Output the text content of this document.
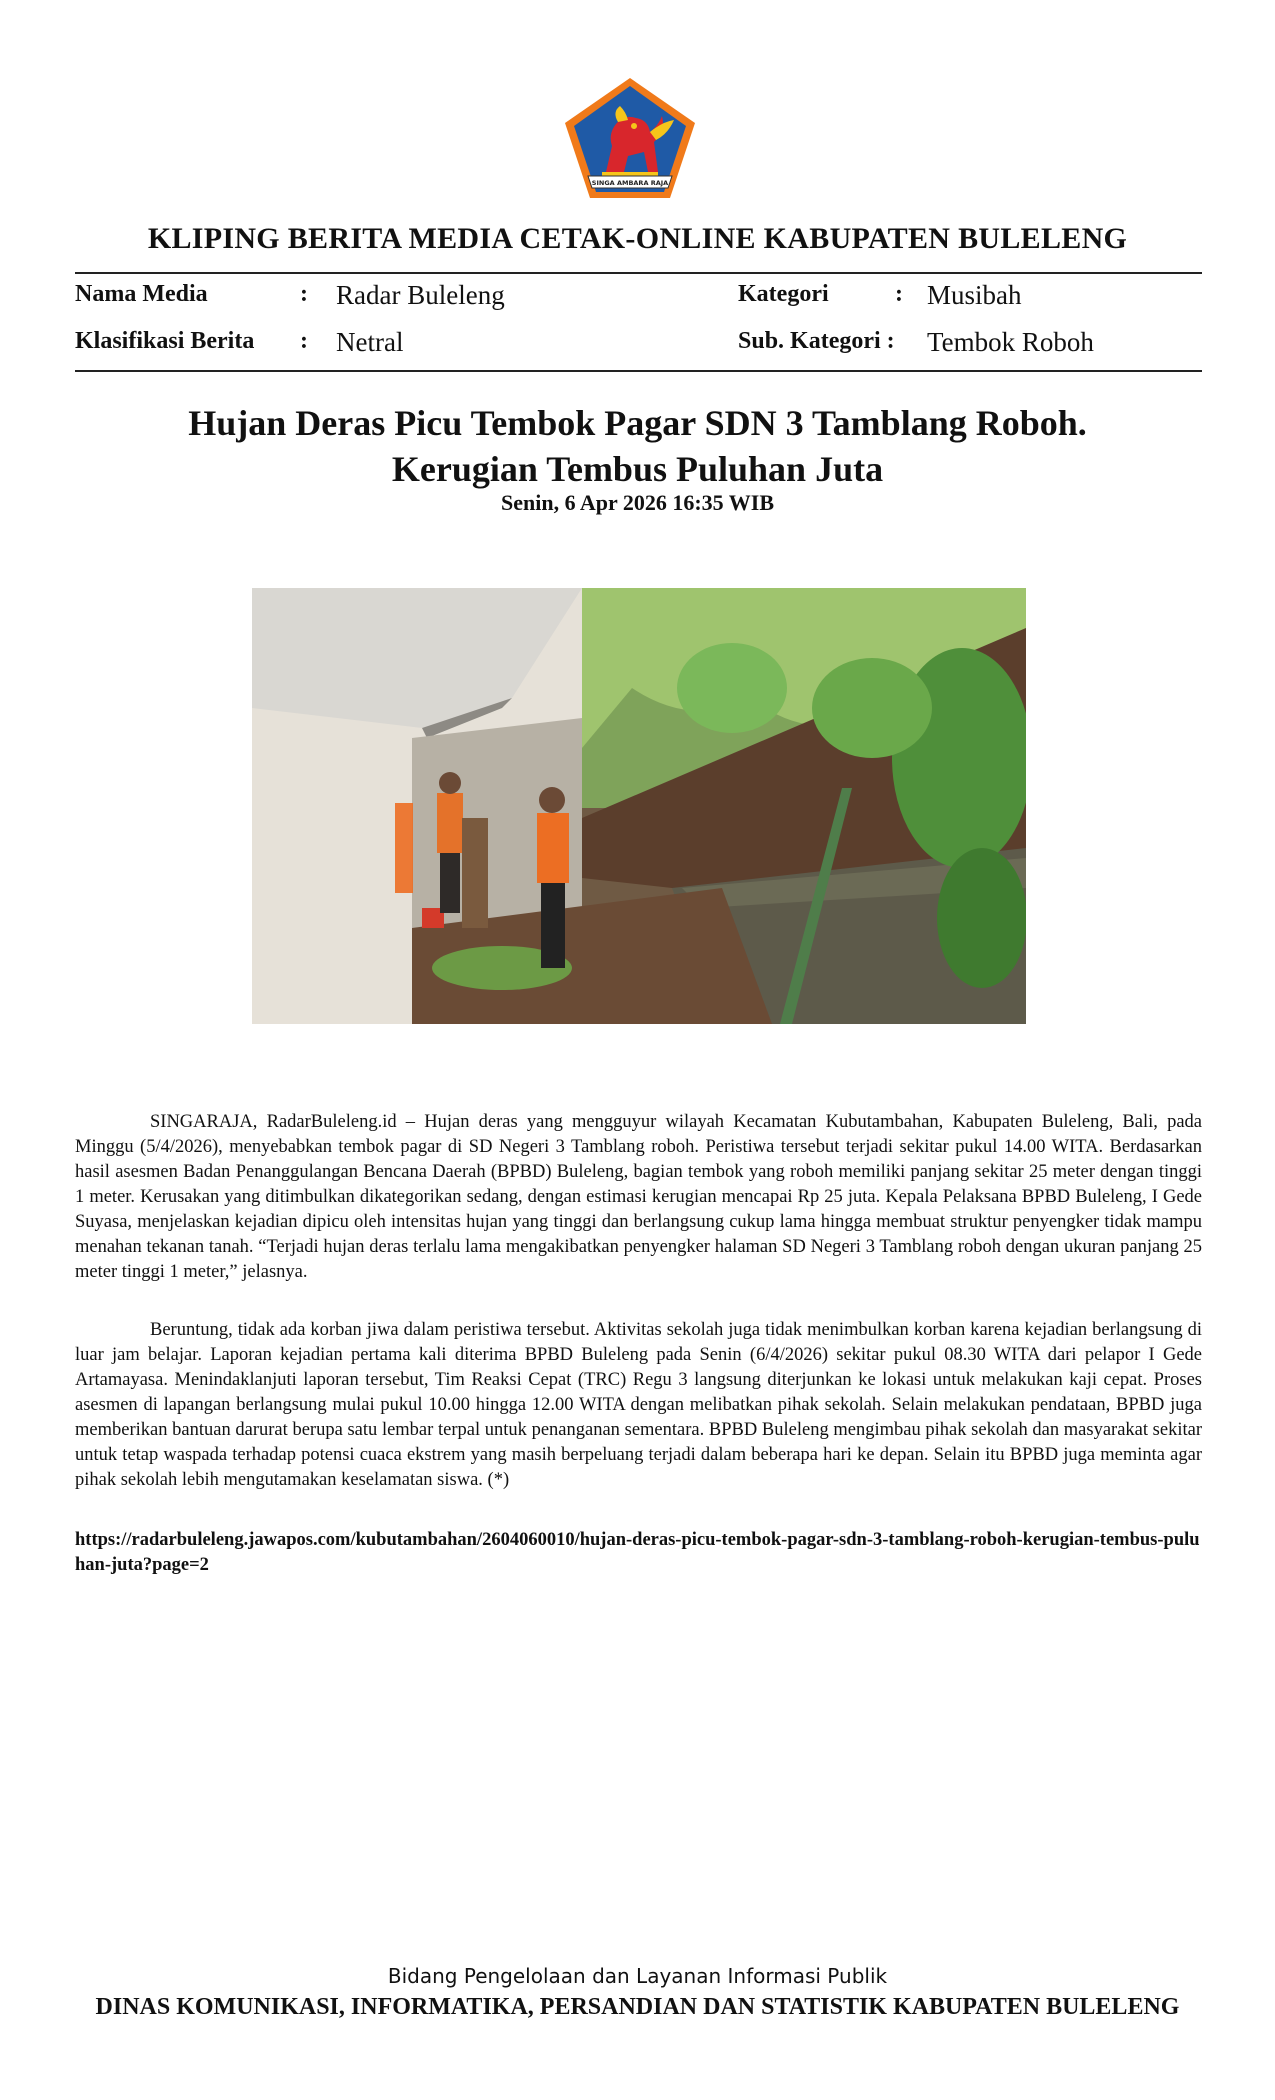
SINGA AMBARA RAJA
KLIPING BERITA MEDIA CETAK-ONLINE KABUPATEN BULELENG
Nama Media	: Radar Buleleng	Kategori	: Musibah
Klasifikasi Berita : Netral	Sub. Kategori : Tembok Roboh
Hujan Deras Picu Tembok Pagar SDN 3 Tamblang Roboh.
Kerugian Tembus Puluhan Juta
Senin, 6 Apr 2026 16:35 WIB

SINGARAJA, RadarBuleleng.id – Hujan deras yang mengguyur wilayah Kecamatan Kubutambahan, Kabupaten Buleleng, Bali, pada Minggu (5/4/2026), menyebabkan tembok pagar di SD Negeri 3 Tamblang roboh. Peristiwa tersebut terjadi sekitar pukul 14.00 WITA. Berdasarkan hasil asesmen Badan Penanggulangan Bencana Daerah (BPBD) Buleleng, bagian tembok yang roboh memiliki panjang sekitar 25 meter dengan tinggi 1 meter. Kerusakan yang ditimbulkan dikategorikan sedang, dengan estimasi kerugian mencapai Rp 25 juta. Kepala Pelaksana BPBD Buleleng, I Gede Suyasa, menjelaskan kejadian dipicu oleh intensitas hujan yang tinggi dan berlangsung cukup lama hingga membuat struktur penyengker tidak mampu menahan tekanan tanah. “Terjadi hujan deras terlalu lama mengakibatkan penyengker halaman SD Negeri 3 Tamblang roboh dengan ukuran panjang 25 meter tinggi 1 meter,” jelasnya.

Beruntung, tidak ada korban jiwa dalam peristiwa tersebut. Aktivitas sekolah juga tidak menimbulkan korban karena kejadian berlangsung di luar jam belajar. Laporan kejadian pertama kali diterima BPBD Buleleng pada Senin (6/4/2026) sekitar pukul 08.30 WITA dari pelapor I Gede Artamayasa. Menindaklanjuti laporan tersebut, Tim Reaksi Cepat (TRC) Regu 3 langsung diterjunkan ke lokasi untuk melakukan kaji cepat. Proses asesmen di lapangan berlangsung mulai pukul 10.00 hingga 12.00 WITA dengan melibatkan pihak sekolah. Selain melakukan pendataan, BPBD juga memberikan bantuan darurat berupa satu lembar terpal untuk penanganan sementara. BPBD Buleleng mengimbau pihak sekolah dan masyarakat sekitar untuk tetap waspada terhadap potensi cuaca ekstrem yang masih berpeluang terjadi dalam beberapa hari ke depan. Selain itu BPBD juga meminta agar pihak sekolah lebih mengutamakan keselamatan siswa. (*)

https://radarbuleleng.jawapos.com/kubutambahan/2604060010/hujan-deras-picu-tembok-pagar-sdn-3-tamblang-roboh-kerugian-tembus-puluhan-juta?page=2

Bidang Pengelolaan dan Layanan Informasi Publik
DINAS KOMUNIKASI, INFORMATIKA, PERSANDIAN DAN STATISTIK KABUPATEN BULELENG
